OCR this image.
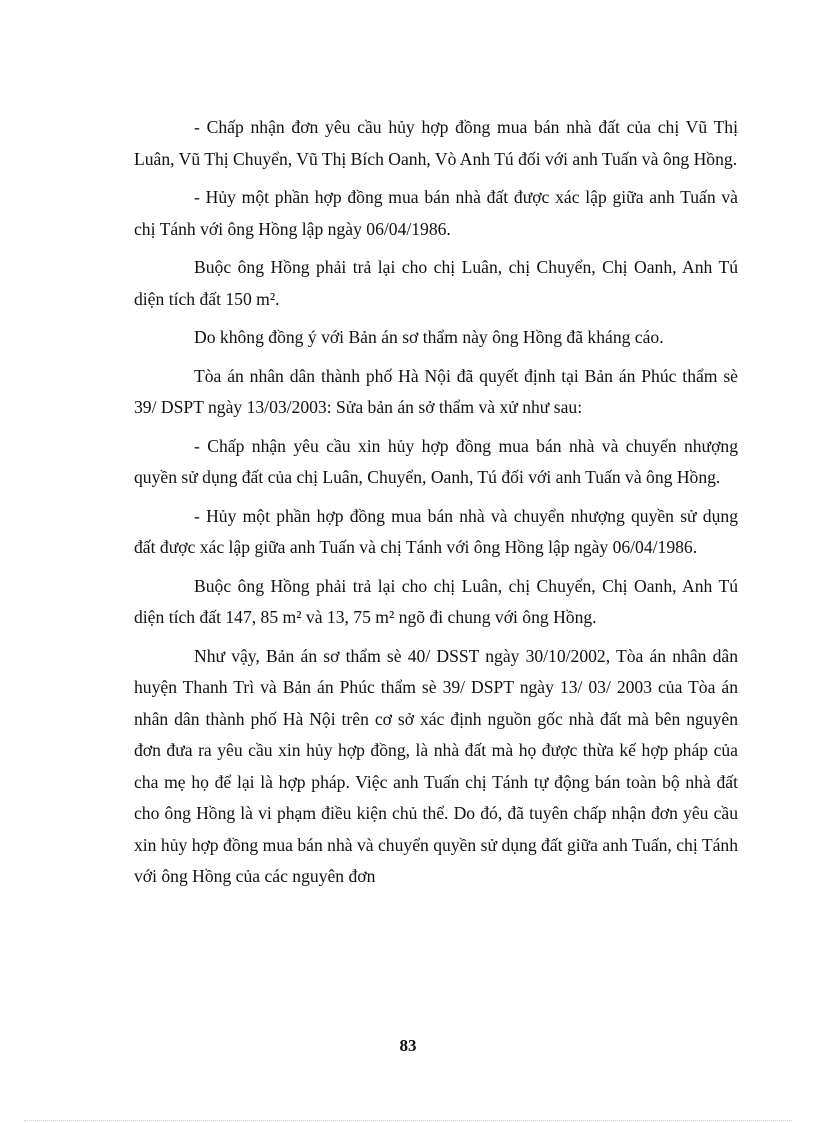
- Chấp nhận đơn yêu cầu hủy hợp đồng mua bán nhà đất của chị Vũ Thị Luân, Vũ Thị Chuyển, Vũ Thị Bích Oanh, Vò Anh Tú đối với anh Tuấn và ông Hồng.

- Hủy một phần hợp đồng mua bán nhà đất được xác lập giữa anh Tuấn và chị Tánh với ông Hồng lập ngày 06/04/1986.

Buộc ông Hồng phải trả lại cho chị Luân, chị Chuyển, Chị Oanh, Anh Tú diện tích đất 150 m².

Do không đồng ý với Bản án sơ thẩm này ông Hồng đã kháng cáo.

Tòa án nhân dân thành phố Hà Nội đã quyết định tại Bản án Phúc thẩm sè 39/ DSPT ngày 13/03/2003: Sửa bản án sở thẩm và xử như sau:

- Chấp nhận yêu cầu xin hủy hợp đồng mua bán nhà và chuyển nhượng quyền sử dụng đất của chị Luân, Chuyển, Oanh, Tú đối với anh Tuấn và ông Hồng.

- Hủy một phần hợp đồng mua bán nhà và chuyển nhượng quyền sử dụng đất được xác lập giữa anh Tuấn và chị Tánh với ông Hồng lập ngày 06/04/1986.

Buộc ông Hồng phải trả lại cho chị Luân, chị Chuyển, Chị Oanh, Anh Tú diện tích đất 147, 85 m² và 13, 75 m² ngõ đi chung với ông Hồng.

Như vậy, Bản án sơ thẩm sè 40/ DSST ngày 30/10/2002, Tòa án nhân dân huyện Thanh Trì và Bản án Phúc thẩm sè 39/ DSPT ngày 13/ 03/ 2003 của Tòa án nhân dân thành phố Hà Nội trên cơ sở xác định nguồn gốc nhà đất mà bên nguyên đơn đưa ra yêu cầu xin hủy hợp đồng, là nhà đất mà họ được thừa kế hợp pháp của cha mẹ họ để lại là hợp pháp. Việc anh Tuấn chị Tánh tự động bán toàn bộ nhà đất cho ông Hồng là vi phạm điều kiện chủ thể. Do đó, đã tuyên chấp nhận đơn yêu cầu xin hủy hợp đồng mua bán nhà và chuyển quyền sử dụng đất giữa anh Tuấn, chị Tánh với ông Hồng của các nguyên đơn

83
